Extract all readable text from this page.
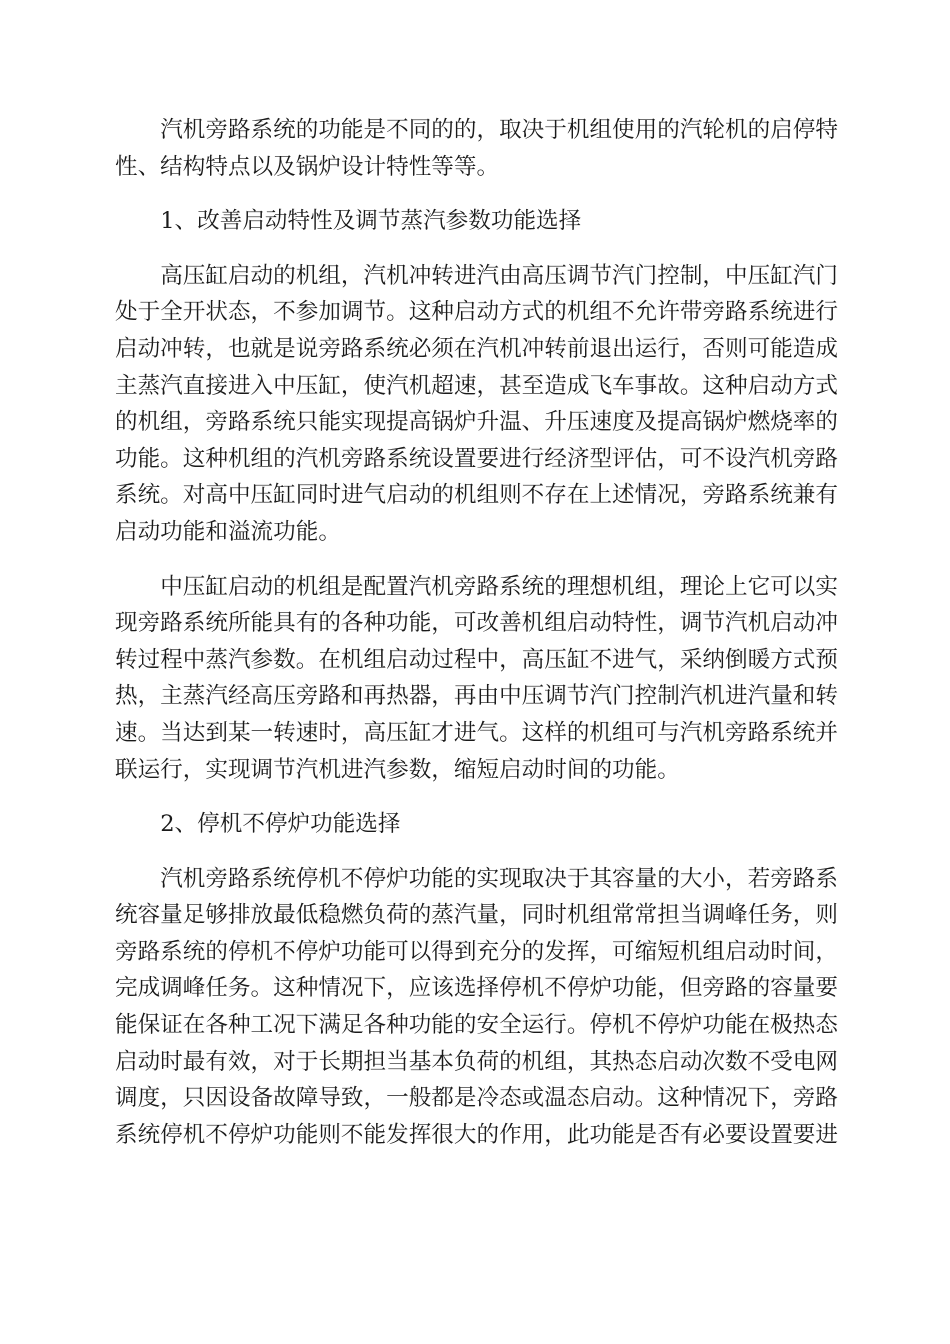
汽机旁路系统的功能是不同的的，取决于机组使用的汽轮机的启停特性、结构特点以及锅炉设计特性等等。

1、改善启动特性及调节蒸汽参数功能选择

高压缸启动的机组，汽机冲转进汽由高压调节汽门控制，中压缸汽门处于全开状态，不参加调节。这种启动方式的机组不允许带旁路系统进行启动冲转，也就是说旁路系统必须在汽机冲转前退出运行，否则可能造成主蒸汽直接进入中压缸，使汽机超速，甚至造成飞车事故。这种启动方式的机组，旁路系统只能实现提高锅炉升温、升压速度及提高锅炉燃烧率的功能。这种机组的汽机旁路系统设置要进行经济型评估，可不设汽机旁路系统。对高中压缸同时进气启动的机组则不存在上述情况，旁路系统兼有启动功能和溢流功能。

中压缸启动的机组是配置汽机旁路系统的理想机组，理论上它可以实现旁路系统所能具有的各种功能，可改善机组启动特性，调节汽机启动冲转过程中蒸汽参数。在机组启动过程中，高压缸不进气，采纳倒暖方式预热，主蒸汽经高压旁路和再热器，再由中压调节汽门控制汽机进汽量和转速。当达到某一转速时，高压缸才进气。这样的机组可与汽机旁路系统并联运行，实现调节汽机进汽参数，缩短启动时间的功能。

2、停机不停炉功能选择

汽机旁路系统停机不停炉功能的实现取决于其容量的大小，若旁路系统容量足够排放最低稳燃负荷的蒸汽量，同时机组常常担当调峰任务，则旁路系统的停机不停炉功能可以得到充分的发挥，可缩短机组启动时间，完成调峰任务。这种情况下，应该选择停机不停炉功能，但旁路的容量要能保证在各种工况下满足各种功能的安全运行。停机不停炉功能在极热态启动时最有效，对于长期担当基本负荷的机组，其热态启动次数不受电网调度，只因设备故障导致，一般都是冷态或温态启动。这种情况下，旁路系统停机不停炉功能则不能发挥很大的作用，此功能是否有必要设置要进
